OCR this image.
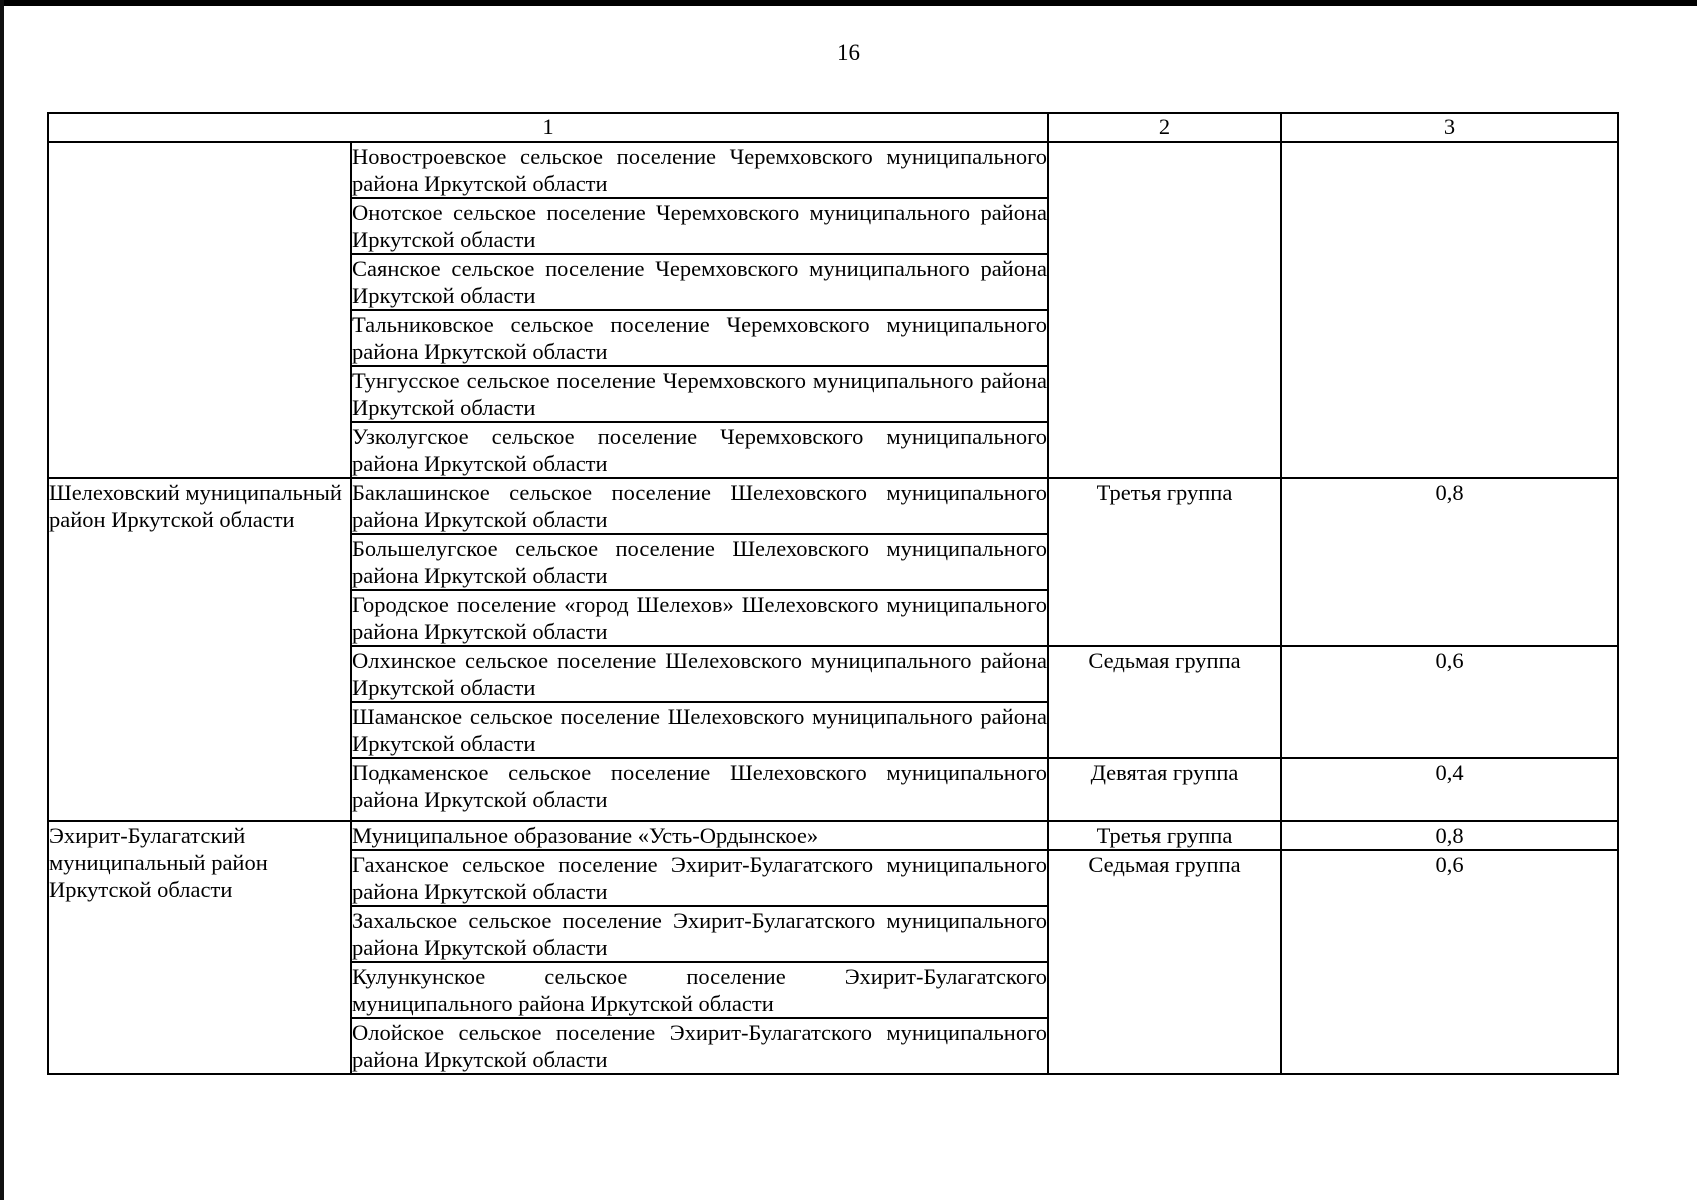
16
1		2	3
	Новостроевское сельское поселение Черемховского муниципального района Иркутской области		
	Онотское сельское поселение Черемховского муниципального района Иркутской области		
	Саянское сельское поселение Черемховского муниципального района Иркутской области		
	Тальниковское сельское поселение Черемховского муниципального района Иркутской области		
	Тунгусское сельское поселение Черемховского муниципального района Иркутской области		
	Узколугское сельское поселение Черемховского муниципального района Иркутской области		
Шелеховский муниципальный район Иркутской области	Баклашинское сельское поселение Шелеховского муниципального района Иркутской области	Третья группа	0,8
	Большелугское сельское поселение Шелеховского муниципального района Иркутской области		
	Городское поселение «город Шелехов» Шелеховского муниципального района Иркутской области		
	Олхинское сельское поселение Шелеховского муниципального района Иркутской области	Седьмая группа	0,6
	Шаманское сельское поселение Шелеховского муниципального района Иркутской области		
	Подкаменское сельское поселение Шелеховского муниципального района Иркутской области	Девятая группа	0,4
Эхирит-Булагатский муниципальный район Иркутской области	Муниципальное образование «Усть-Ордынское»	Третья группа	0,8
	Гаханское сельское поселение Эхирит-Булагатского муниципального района Иркутской области	Седьмая группа	0,6
	Захальское сельское поселение Эхирит-Булагатского муниципального района Иркутской области		
	Кулункунское сельское поселение Эхирит-Булагатского муниципального района Иркутской области		
	Олойское сельское поселение Эхирит-Булагатского муниципального района Иркутской области		
